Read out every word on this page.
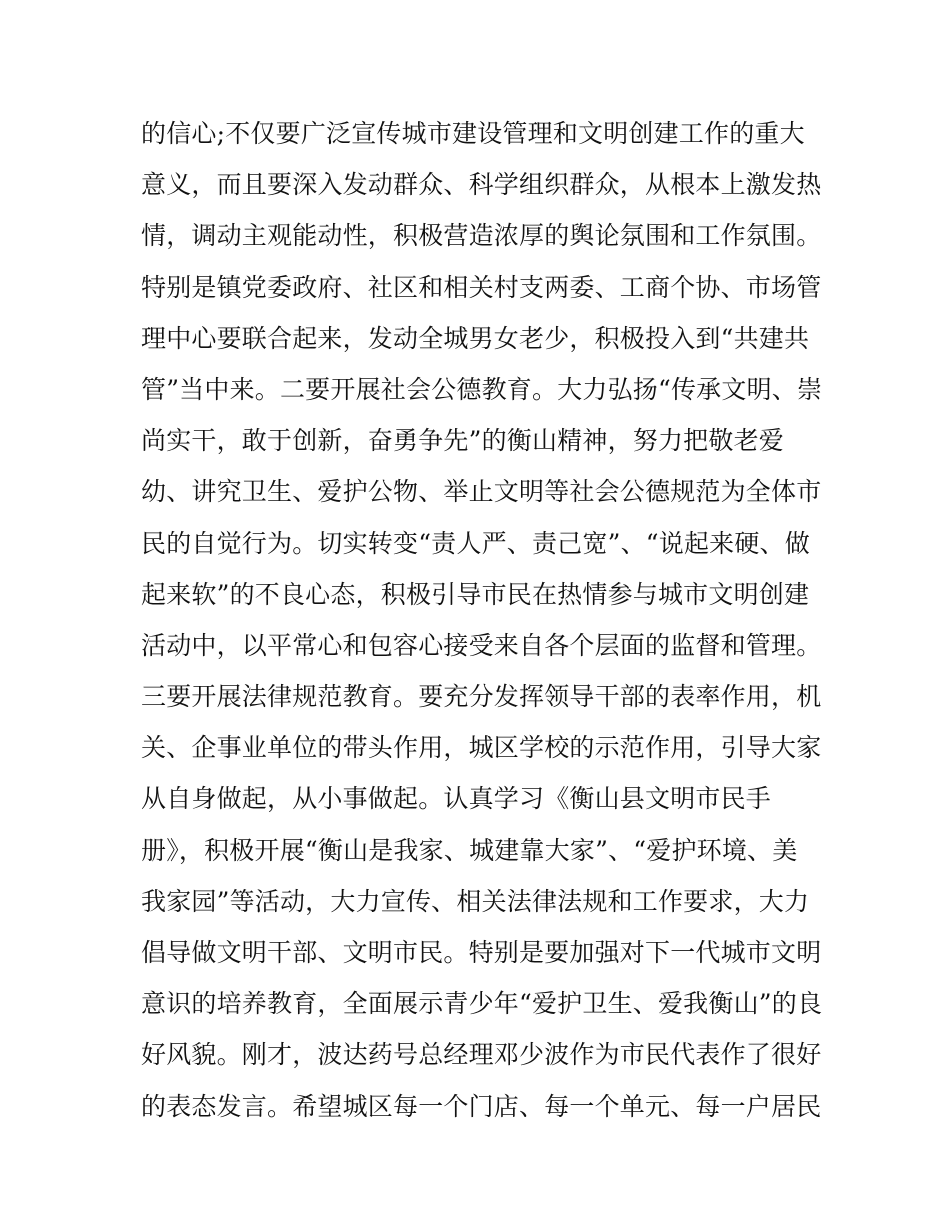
的信心;不仅要广泛宣传城市建设管理和文明创建工作的重大
意义，而且要深入发动群众、科学组织群众，从根本上激发热
情，调动主观能动性，积极营造浓厚的舆论氛围和工作氛围。
特别是镇党委政府、社区和相关村支两委、工商个协、市场管
理中心要联合起来，发动全城男女老少，积极投入到“共建共
管”当中来。二要开展社会公德教育。大力弘扬“传承文明、崇
尚实干，敢于创新，奋勇争先”的衡山精神，努力把敬老爱
幼、讲究卫生、爱护公物、举止文明等社会公德规范为全体市
民的自觉行为。切实转变“责人严、责己宽”、“说起来硬、做
起来软”的不良心态，积极引导市民在热情参与城市文明创建
活动中，以平常心和包容心接受来自各个层面的监督和管理。
三要开展法律规范教育。要充分发挥领导干部的表率作用，机
关、企事业单位的带头作用，城区学校的示范作用，引导大家
从自身做起，从小事做起。认真学习《衡山县文明市民手
册》，积极开展“衡山是我家、城建靠大家”、“爱护环境、美
我家园”等活动，大力宣传、相关法律法规和工作要求，大力
倡导做文明干部、文明市民。特别是要加强对下一代城市文明
意识的培养教育，全面展示青少年“爱护卫生、爱我衡山”的良
好风貌。刚才，波达药号总经理邓少波作为市民代表作了很好
的表态发言。希望城区每一个门店、每一个单元、每一户居民
